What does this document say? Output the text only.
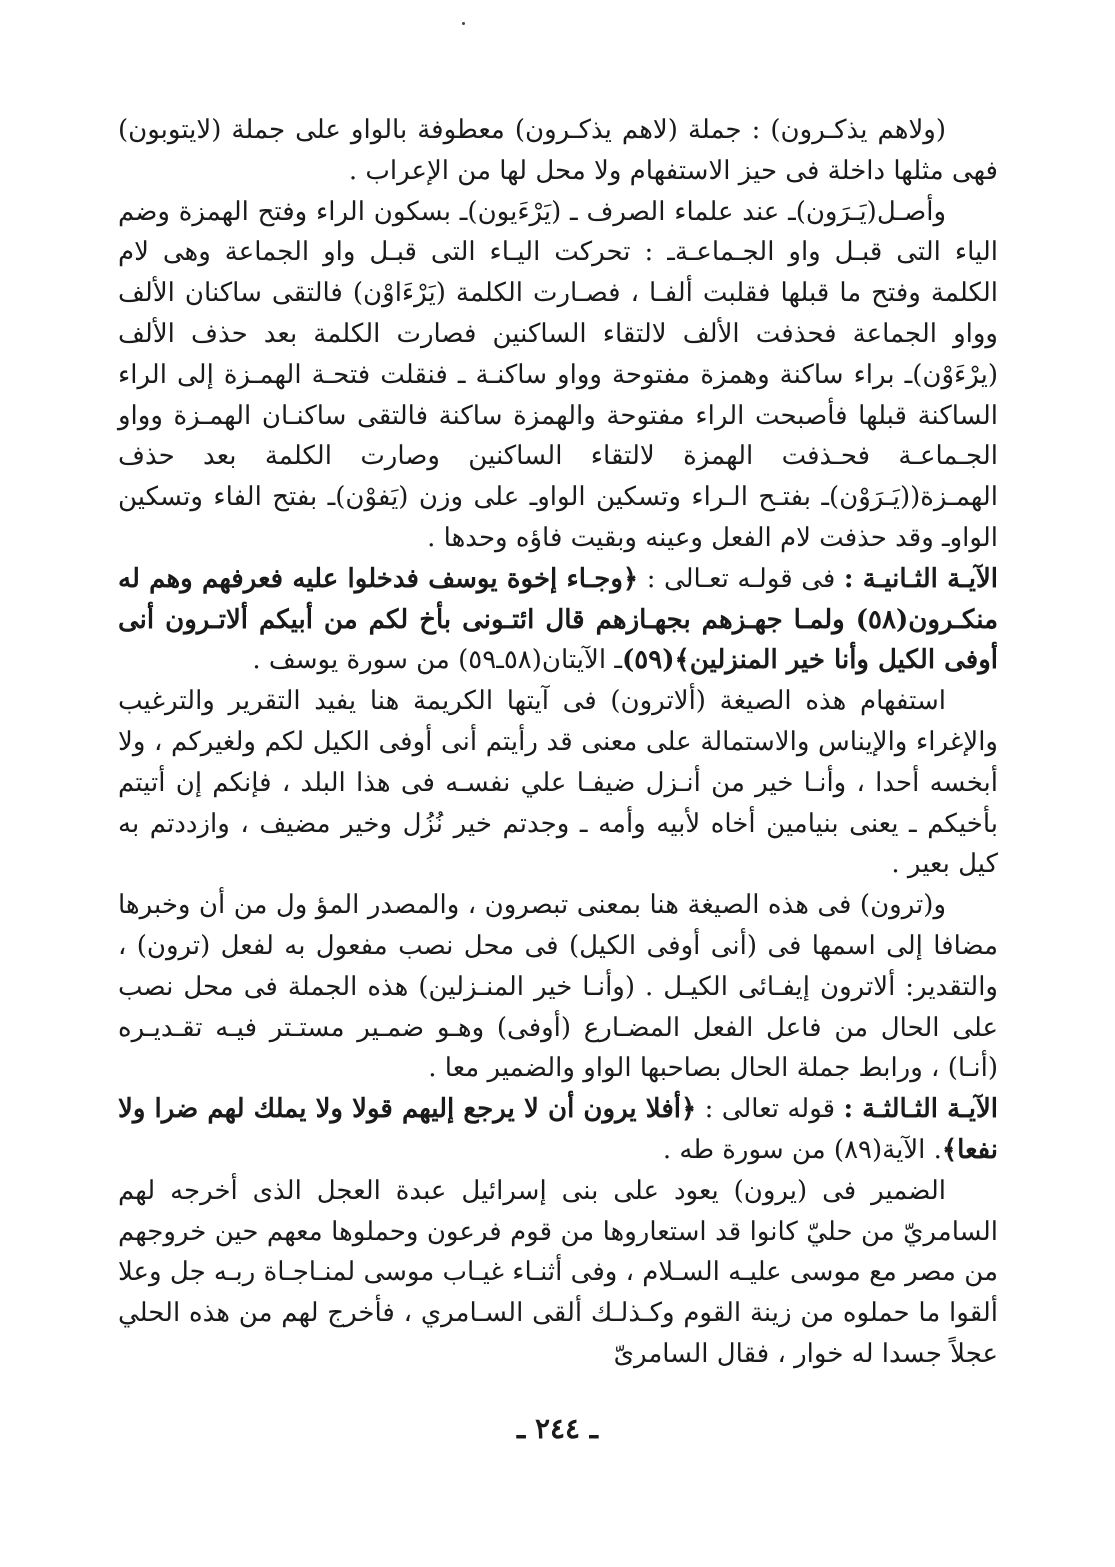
(ولاهم يذكـرون) : جملة (لاهم يذكـرون) معطوفة بالواو على جملة (لايتوبون) فهى مثلها داخلة فى حيز الاستفهام ولا محل لها من الإعراب .

وأصـل(يَـرَون)ـ عند علماء الصرف ـ (يَرْءَيون)ـ بسكون الراء وفتح الهمزة وضم الياء التى قبـل واو الجـماعـةـ : تحركت اليـاء التى قبـل واو الجماعة وهى لام الكلمة وفتح ما قبلها فقلبت ألفـا ، فصـارت الكلمة (يَرْءَاوْن) فالتقى ساكنان الألف وواو الجماعة فحذفت الألف لالتقاء الساكنين فصارت الكلمة بعد حذف الألف (يرْءَوْن)ـ براء ساكنة وهمزة مفتوحة وواو ساكنـة ـ فنقلت فتحـة الهمـزة إلى الراء الساكنة قبلها فأصبحت الراء مفتوحة والهمزة ساكنة فالتقى ساكنـان الهمـزة وواو الجـماعـة فحـذفت الهمزة لالتقاء الساكنين وصارت الكلمة بعد حذف الهمـزة((يَـرَوْن)ـ بفتـح الـراء وتسكين الواوـ على وزن (يَفوْن)ـ بفتح الفاء وتسكين الواوـ وقد حذفت لام الفعل وعينه وبقيت فاؤه وحدها .

الآيـة الثـانيـة : فى قولـه تعـالى : ﴿وجـاء إخوة يوسف فدخلوا عليه فعرفهم وهم له منكـرون(٥٨) ولمـا جهـزهم بجهـازهم قال ائتـونى بأخ لكم من أبيكم ألاتـرون أنى أوفى الكيل وأنا خير المنزلين﴾(٥٩)ـ الآيتان(٥٨ـ٥٩) من سورة يوسف .

استفهام هذه الصيغة (ألاترون) فى آيتها الكريمة هنا يفيد التقرير والترغيب والإغراء والإيناس والاستمالة على معنى قد رأيتم أنى أوفى الكيل لكم ولغيركم ، ولا أبخسه أحدا ، وأنـا خير من أنـزل ضيفـا علي نفسـه فى هذا البلد ، فإنكم إن أتيتم بأخيكم ـ يعنى بنيامين أخاه لأبيه وأمه ـ وجدتم خير نُزُل وخير مضيف ، وازددتم به كيل بعير .

و(ترون) فى هذه الصيغة هنا بمعنى تبصرون ، والمصدر المؤ ول من أن وخبرها مضافا إلى اسمها فى (أنى أوفى الكيل) فى محل نصب مفعول به لفعل (ترون) ، والتقدير: ألاترون إيفـائى الكيـل . (وأنـا خير المنـزلين) هذه الجملة فى محل نصب على الحال من فاعل الفعل المضـارع (أوفى) وهـو ضمـير مستـتر فيـه تقـديـره (أنـا) ، ورابط جملة الحال بصاحبها الواو والضمير معا .

الآيـة الثـالثـة : قوله تعالى : ﴿أفلا يرون أن لا يرجع إليهم قولا ولا يملك لهم ضرا ولا نفعا﴾. الآية(٨٩) من سورة طه .

الضمير فى (يرون) يعود على بنى إسرائيل عبدة العجل الذى أخرجه لهم السامريّ من حليّ كانوا قد استعاروها من قوم فرعون وحملوها معهم حين خروجهم من مصر مع موسى عليـه السـلام ، وفى أثنـاء غيـاب موسى لمنـاجـاة ربـه جل وعلا ألقوا ما حملوه من زينة القوم وكـذلـك ألقى السـامري ، فأخرج لهم من هذه الحلي عجلاً جسدا له خوار ، فقال السامرىّ

ـ ٢٤٤ ـ
